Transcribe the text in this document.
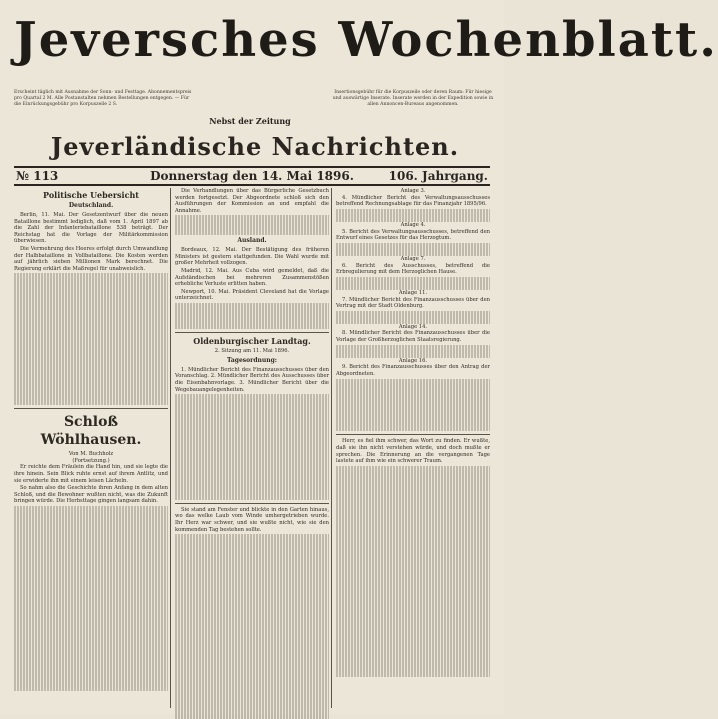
Jeversches Wochenblatt.
Erscheint täglich mit Ausnahme der Sonn- und Festtage. Abonnementspreis pro Quartal 2 M. Alle Postanstalten nehmen Bestellungen entgegen. — Für die Einrückungsgebühr pro Korpuszeile 2 S.
Insertionsgebühr für die Korpuszeile oder deren Raum: Für hiesige und auswärtige Inserate. Inserate werden in der Expedition sowie in allen Annoncen-Bureaus angenommen.
Nebst der Zeitung
Jeverländische Nachrichten.
Donnerstag den 14. Mai 1896.
№ 113	106. Jahrgang.
Politische Uebersicht
Deutschland.

Berlin, 11. Mai. Der Gesetzentwurf über die neuen Bataillone bestimmt lediglich, daß vom 1. April 1897 ab die Zahl der Infanteriebataillone 538 beträgt. Der Reichstag hat die Vorlage der Militärkommission überwiesen.

Die Vermehrung des Heeres erfolgt durch Umwandlung der Halbbataillone in Vollbataillone. Die Kosten werden auf jährlich sieben Millionen Mark berechnet. Die Regierung erklärt die Maßregel für unabweislich.

Schloß Wöhlhausen.
Von M. Buchholz
(Fortsetzung.)

Er reichte dem Fräulein die Hand hin, und sie legte die ihre hinein. Sein Blick ruhte ernst auf ihrem Antlitz, und sie erwiderte ihn mit einem leisen Lächeln.

So nahm also die Geschichte ihren Anfang in dem alten Schloß, und die Bewohner wußten nicht, was die Zukunft bringen würde. Die Herbsttage gingen langsam dahin.

Die Verhandlungen über das Bürgerliche Gesetzbuch werden fortgesetzt. Der Abgeordnete schloß sich den Ausführungen der Kommission an und empfahl die Annahme.

Ausland.

Bordeaux, 12. Mai. Der Bestätigung des früheren Ministers ist gestern stattgefunden. Die Wahl wurde mit großer Mehrheit vollzogen.

Madrid, 12. Mai. Aus Cuba wird gemeldet, daß die Aufständischen bei mehreren Zusammenstößen erhebliche Verluste erlitten haben.

Newport, 10. Mai. Präsident Cleveland hat die Vorlage unterzeichnet.

Oldenburgischer Landtag.
2. Sitzung am 11. Mai 1896.
Tagesordnung:

1. Mündlicher Bericht des Finanzausschusses über den Voranschlag. 2. Mündlicher Bericht des Ausschusses über die Eisenbahnvorlage. 3. Mündlicher Bericht über die Wegebauangelegenheiten.

Sie stand am Fenster und blickte in den Garten hinaus, wo das welke Laub vom Winde umhergetrieben wurde. Ihr Herz war schwer, und sie wußte nicht, wie sie den kommenden Tag bestehen sollte.

Anlage 3.

4. Mündlicher Bericht des Verwaltungsausschusses betreffend Rechnungsablage für das Finanzjahr 1895/96.

Anlage 4.

5. Bericht des Verwaltungsausschusses, betreffend den Entwurf eines Gesetzes für das Herzogtum.

Anlage 7.

6. Bericht des Ausschusses, betreffend die Erbregulierung mit dem Herzoglichen Hause.

Anlage 11.

7. Mündlicher Bericht des Finanzausschusses über den Vertrag mit der Stadt Oldenburg.

Anlage 14.

8. Mündlicher Bericht des Finanzausschusses über die Vorlage der Großherzoglichen Staatsregierung.

Anlage 16.

9. Bericht des Finanzausschusses über den Antrag der Abgeordneten.

Herr, es fiel ihm schwer, das Wort zu finden. Er wußte, daß sie ihn nicht verstehen würde, und doch mußte er sprechen. Die Erinnerung an die vergangenen Tage lastete auf ihm wie ein schwerer Traum.
